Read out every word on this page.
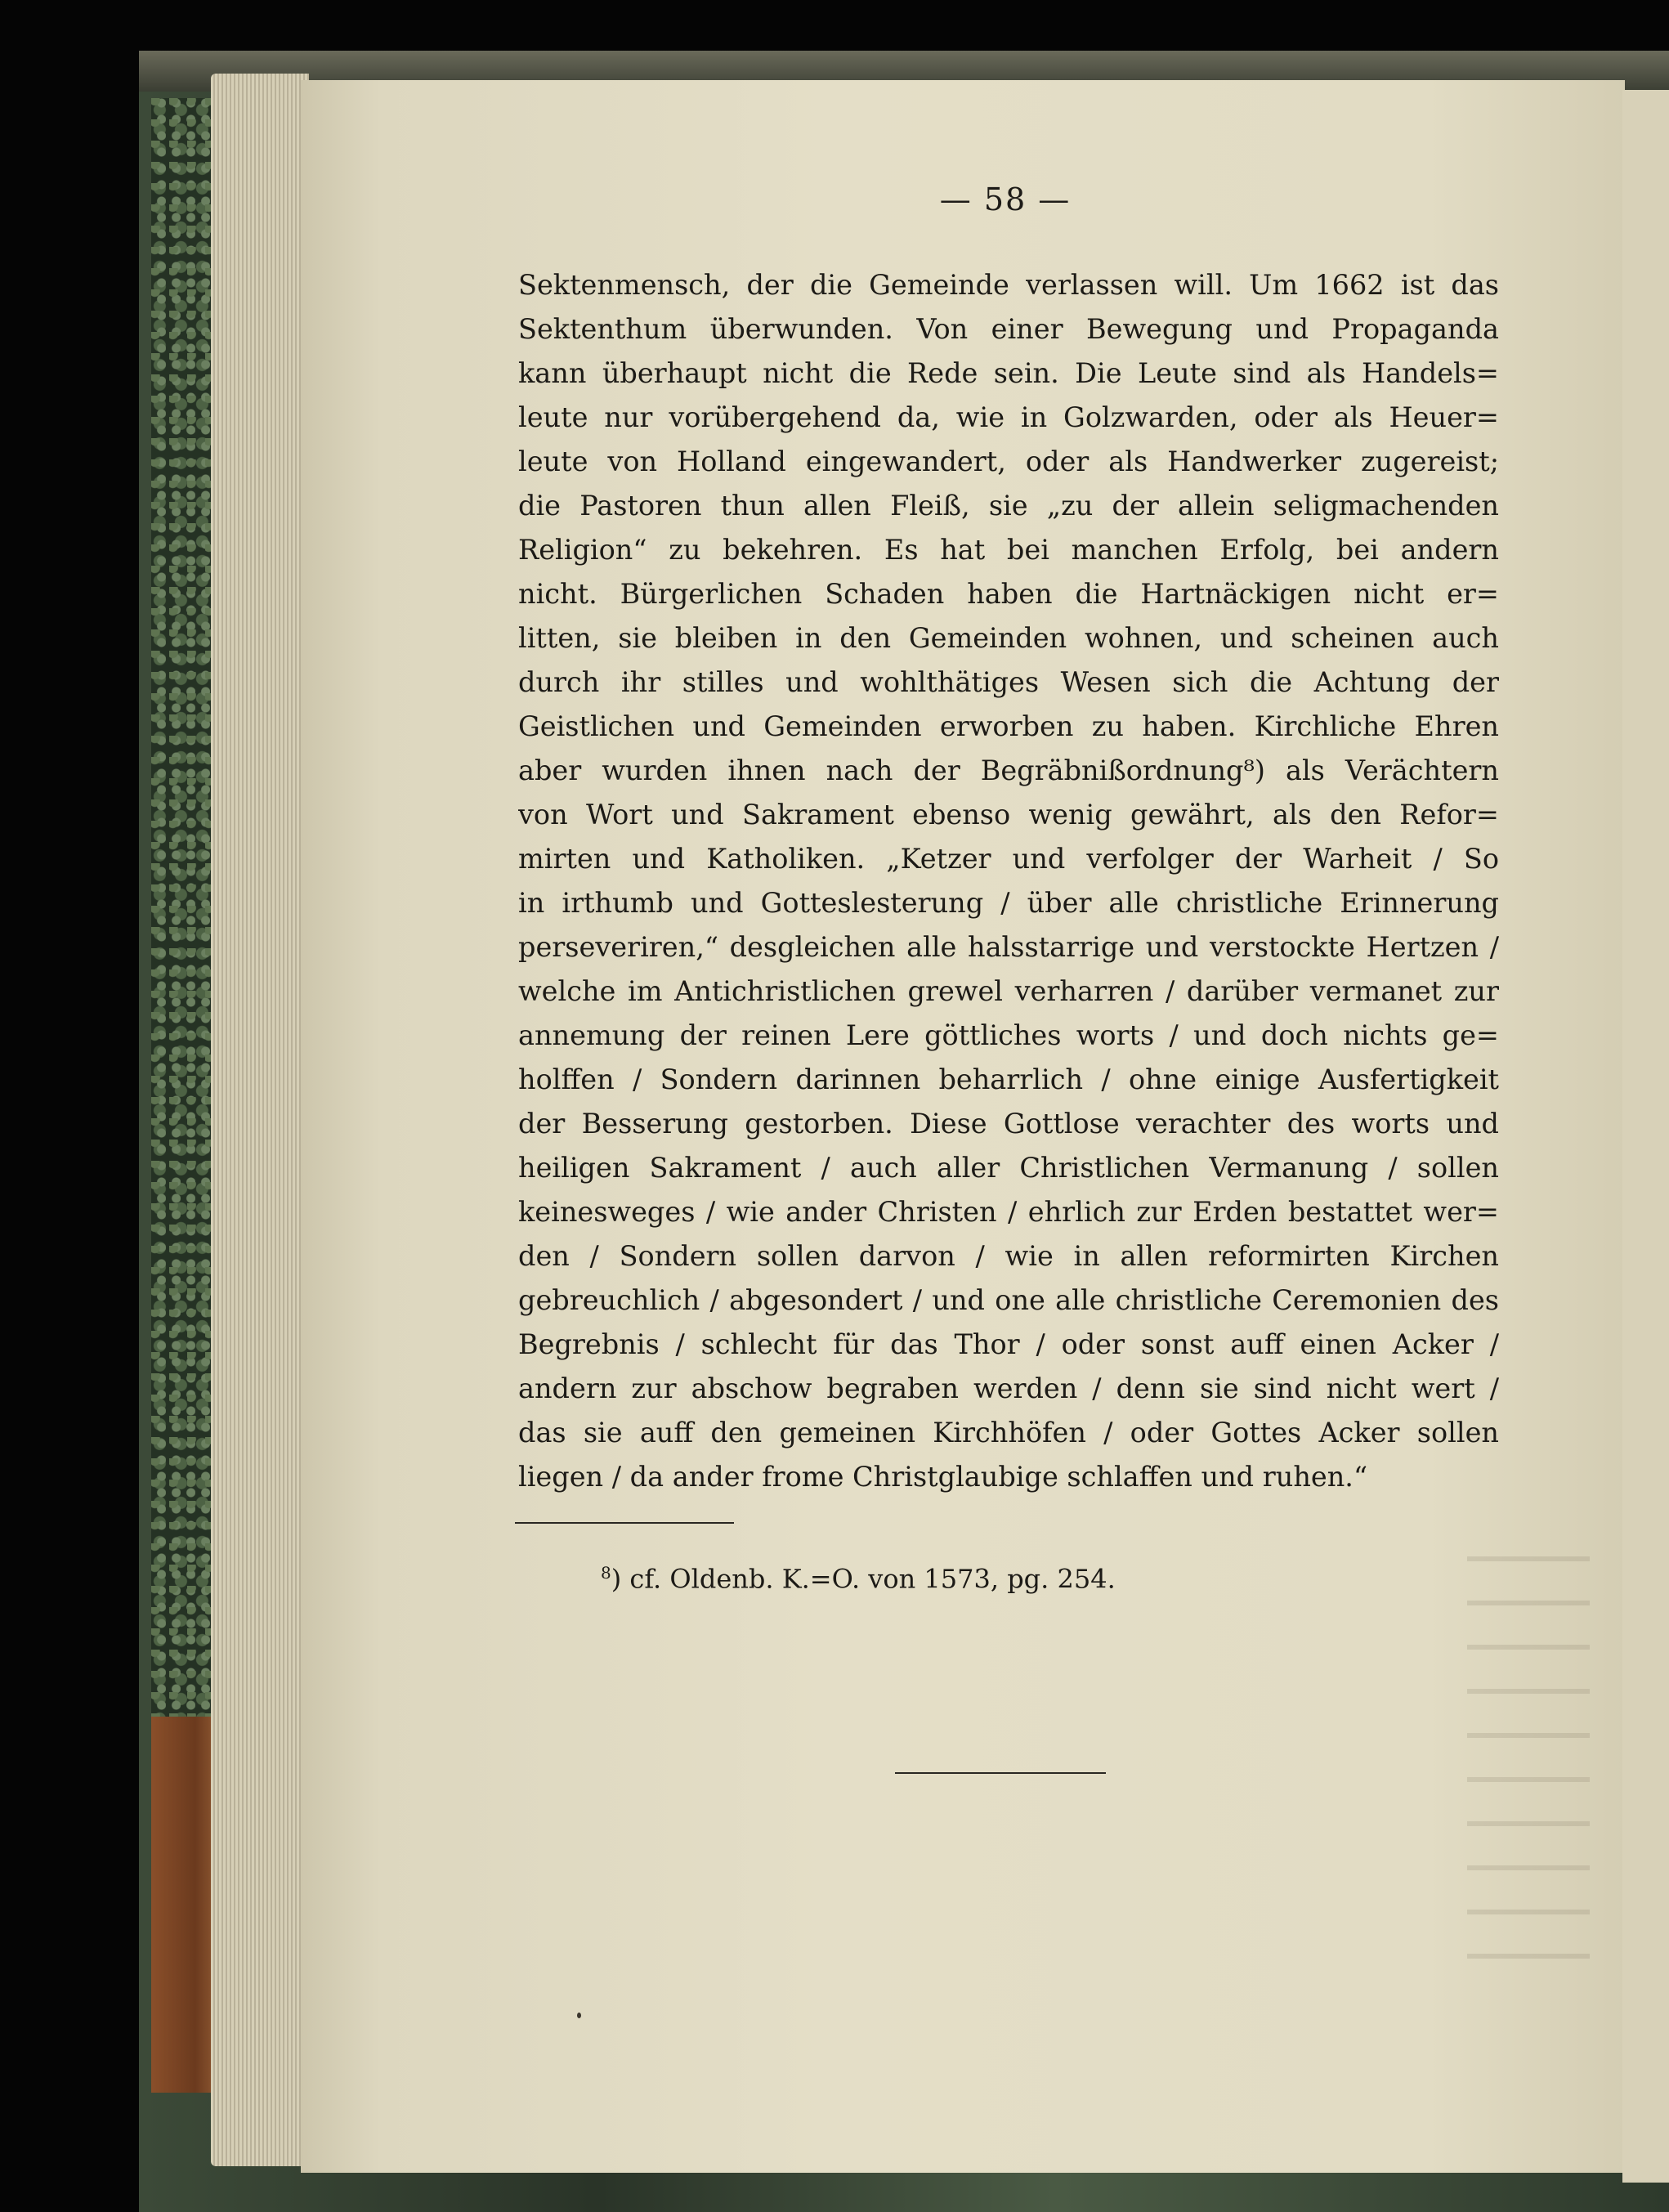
— 58 —
Sektenmensch, der die Gemeinde verlassen will. Um 1662 ist das
Sektenthum überwunden. Von einer Bewegung und Propaganda
kann überhaupt nicht die Rede sein. Die Leute sind als Handels=
leute nur vorübergehend da, wie in Golzwarden, oder als Heuer=
leute von Holland eingewandert, oder als Handwerker zugereist;
die Pastoren thun allen Fleiß, sie „zu der allein seligmachenden
Religion“ zu bekehren. Es hat bei manchen Erfolg, bei andern
nicht. Bürgerlichen Schaden haben die Hartnäckigen nicht er=
litten, sie bleiben in den Gemeinden wohnen, und scheinen auch
durch ihr stilles und wohlthätiges Wesen sich die Achtung der
Geistlichen und Gemeinden erworben zu haben. Kirchliche Ehren
aber wurden ihnen nach der Begräbnißordnung⁸) als Verächtern
von Wort und Sakrament ebenso wenig gewährt, als den Refor=
mirten und Katholiken. „Ketzer und verfolger der Warheit / So
in irthumb und Gotteslesterung / über alle christliche Erinnerung
perseveriren,“ desgleichen alle halsstarrige und verstockte Hertzen /
welche im Antichristlichen grewel verharren / darüber vermanet zur
annemung der reinen Lere göttliches worts / und doch nichts ge=
holffen / Sondern darinnen beharrlich / ohne einige Ausfertigkeit
der Besserung gestorben. Diese Gottlose verachter des worts und
heiligen Sakrament / auch aller Christlichen Vermanung / sollen
keinesweges / wie ander Christen / ehrlich zur Erden bestattet wer=
den / Sondern sollen darvon / wie in allen reformirten Kirchen
gebreuchlich / abgesondert / und one alle christliche Ceremonien des
Begrebnis / schlecht für das Thor / oder sonst auff einen Acker /
andern zur abschow begraben werden / denn sie sind nicht wert /
das sie auff den gemeinen Kirchhöfen / oder Gottes Acker sollen
liegen / da ander frome Christglaubige schlaffen und ruhen.“
$^8$) cf. Oldenb. K.=O. von 1573, pg. 254.
